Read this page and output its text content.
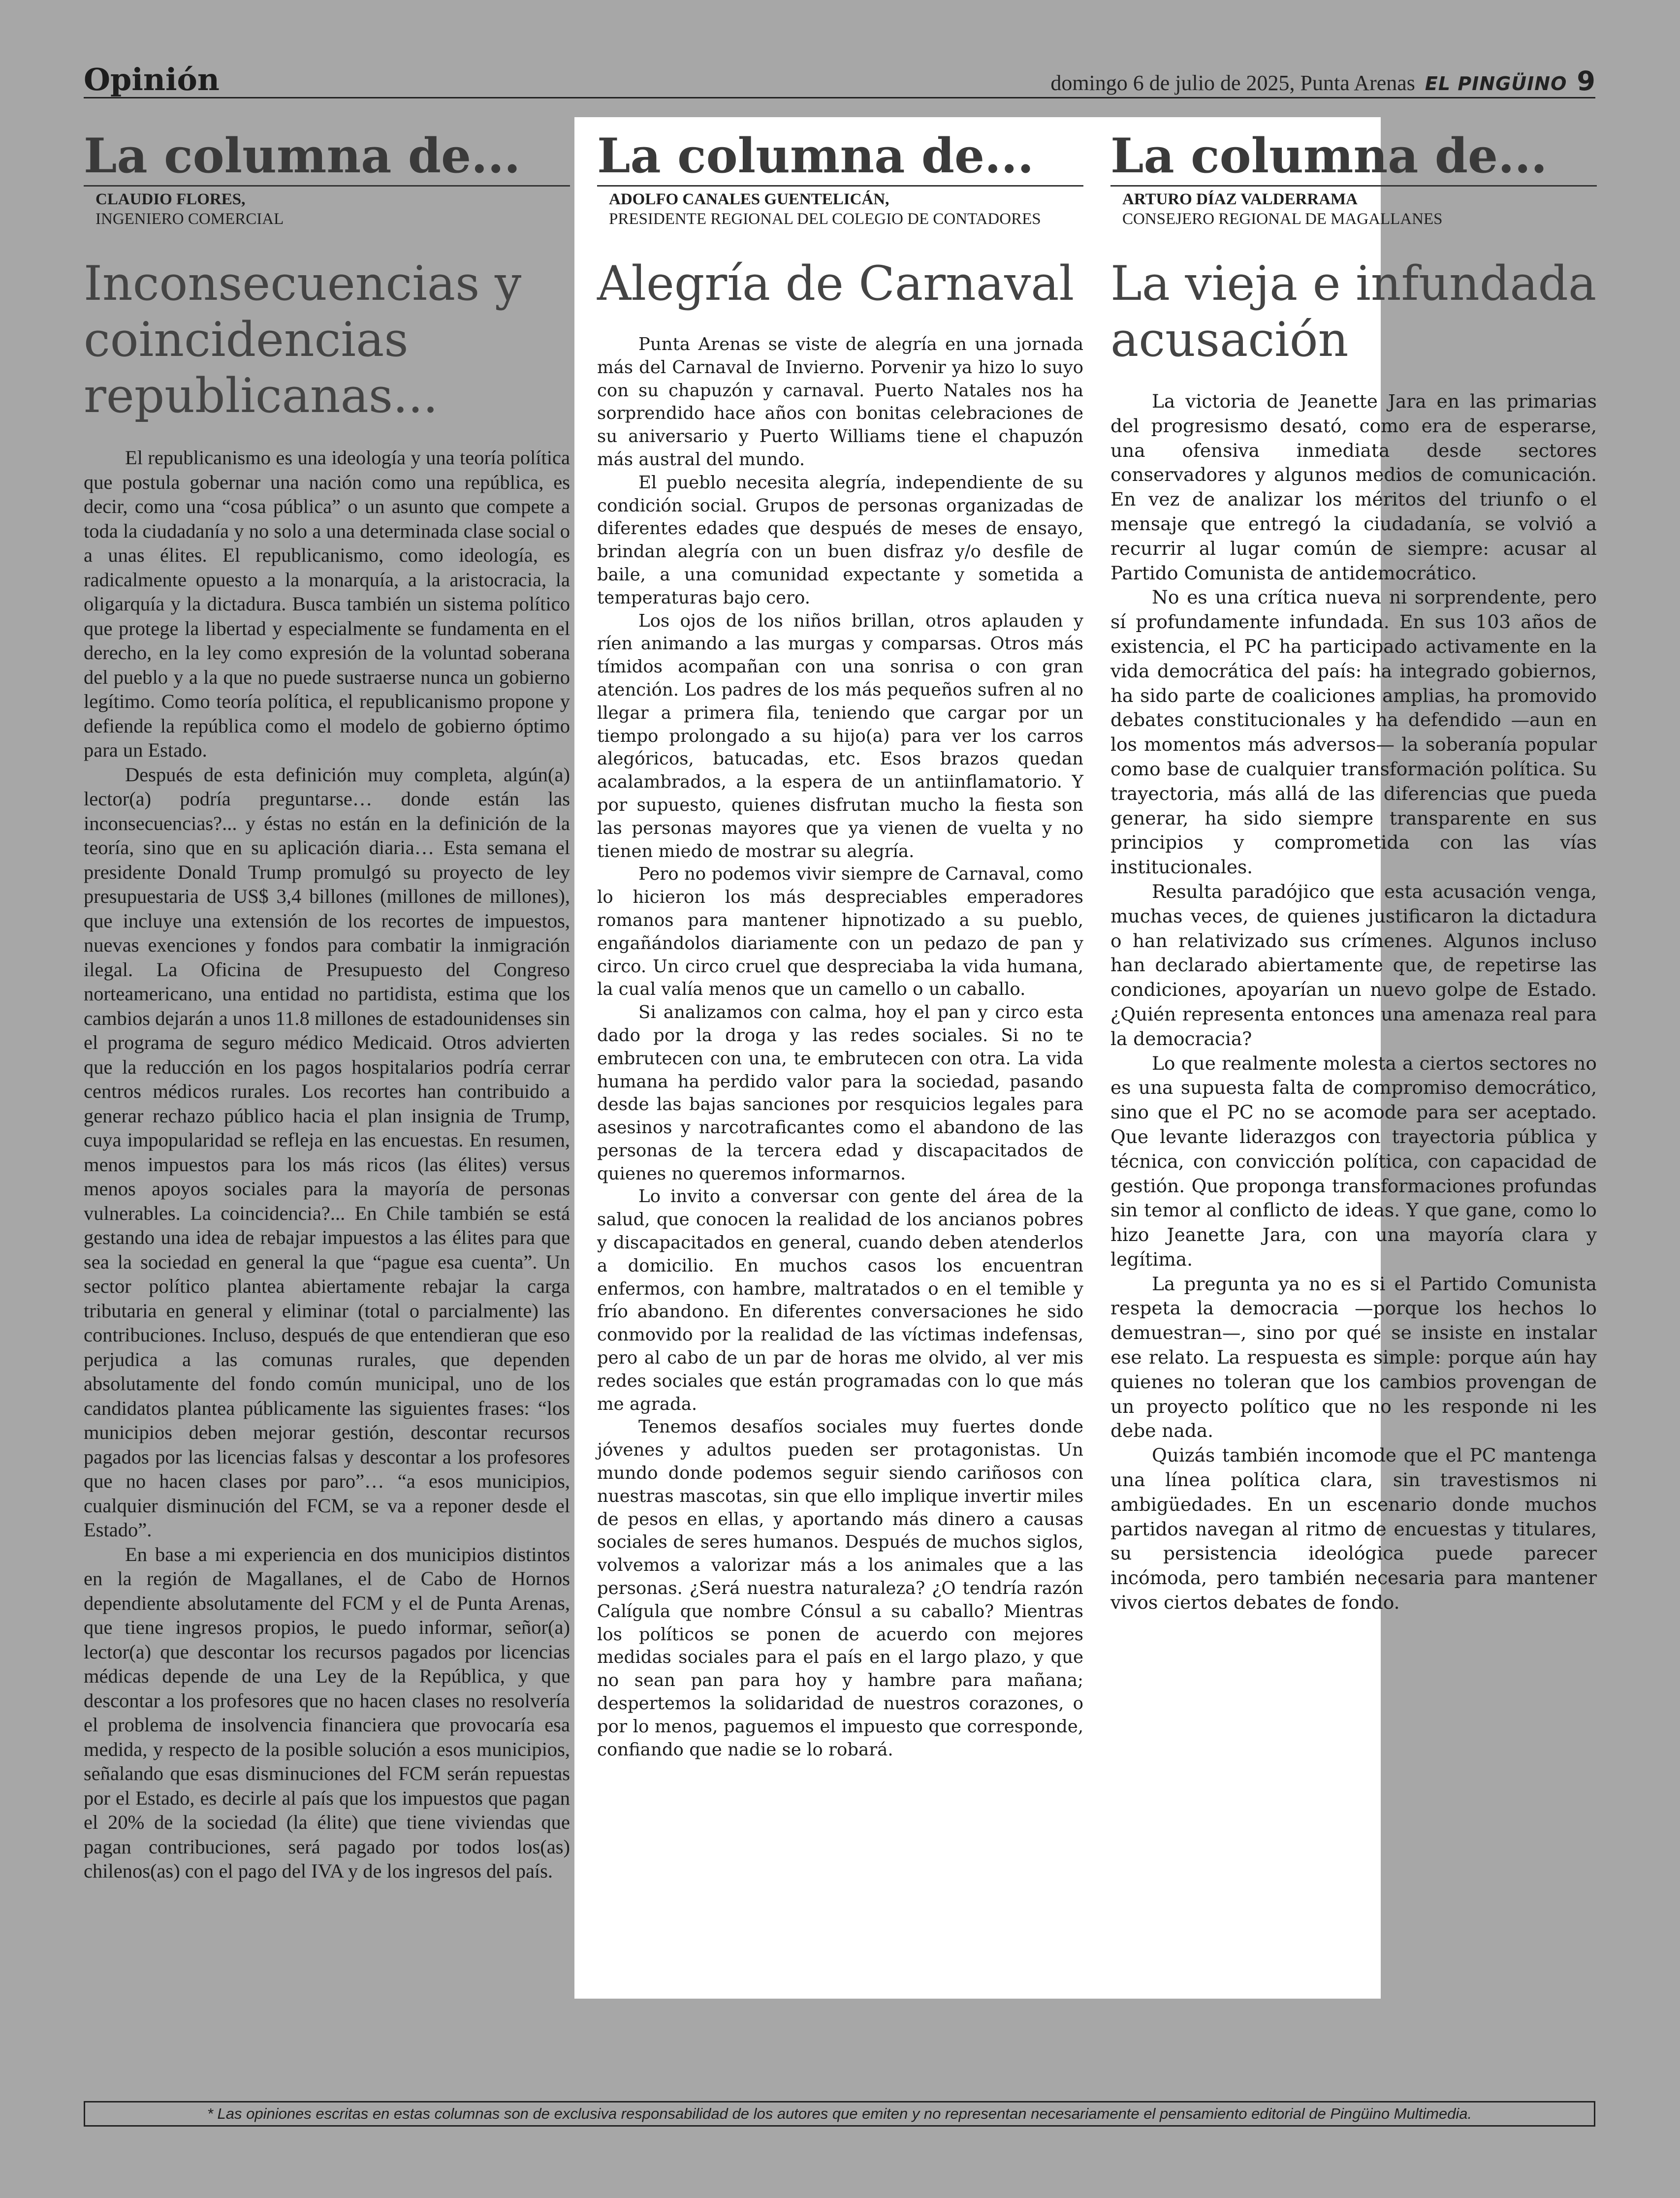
Opinión	domingo 6 de julio de 2025, Punta Arenas EL PINGÜINO 9
La columna de...
CLAUDIO FLORES,
INGENIERO COMERCIAL
Inconsecuencias y coincidencias republicanas...

El republicanismo es una ideología y una teoría política que postula gobernar una nación como una república, es decir, como una “cosa pública” o un asunto que compete a toda la ciudadanía y no solo a una determinada clase social o a unas élites. El republicanismo, como ideología, es radicalmente opuesto a la monarquía, a la aristocracia, la oligarquía y la dictadura. Busca también un sistema político que protege la libertad y especialmente se fundamenta en el derecho, en la ley como expresión de la voluntad soberana del pueblo y a la que no puede sustraerse nunca un gobierno legítimo. Como teoría política, el republicanismo propone y defiende la república como el modelo de gobierno óptimo para un Estado.

Después de esta definición muy completa, algún(a) lector(a) podría preguntarse… donde están las inconsecuencias?... y éstas no están en la definición de la teoría, sino que en su aplicación diaria… Esta semana el presidente Donald Trump promulgó su proyecto de ley presupuestaria de US$ 3,4 billones (millones de millones), que incluye una extensión de los recortes de impuestos, nuevas exenciones y fondos para combatir la inmigración ilegal. La Oficina de Presupuesto del Congreso norteamericano, una entidad no partidista, estima que los cambios dejarán a unos 11.8 millones de estadounidenses sin el programa de seguro médico Medicaid. Otros advierten que la reducción en los pagos hospitalarios podría cerrar centros médicos rurales. Los recortes han contribuido a generar rechazo público hacia el plan insignia de Trump, cuya impopularidad se refleja en las encuestas. En resumen, menos impuestos para los más ricos (las élites) versus menos apoyos sociales para la mayoría de personas vulnerables. La coincidencia?... En Chile también se está gestando una idea de rebajar impuestos a las élites para que sea la sociedad en general la que “pague esa cuenta”. Un sector político plantea abiertamente rebajar la carga tributaria en general y eliminar (total o parcialmente) las contribuciones. Incluso, después de que entendieran que eso perjudica a las comunas rurales, que dependen absolutamente del fondo común municipal, uno de los candidatos plantea públicamente las siguientes frases: “los municipios deben mejorar gestión, descontar recursos pagados por las licencias falsas y descontar a los profesores que no hacen clases por paro”… “a esos municipios, cualquier disminución del FCM, se va a reponer desde el Estado”.

En base a mi experiencia en dos municipios distintos en la región de Magallanes, el de Cabo de Hornos dependiente absolutamente del FCM y el de Punta Arenas, que tiene ingresos propios, le puedo informar, señor(a) lector(a) que descontar los recursos pagados por licencias médicas depende de una Ley de la República, y que descontar a los profesores que no hacen clases no resolvería el problema de insolvencia financiera que provocaría esa medida, y respecto de la posible solución a esos municipios, señalando que esas disminuciones del FCM serán repuestas por el Estado, es decirle al país que los impuestos que pagan el 20% de la sociedad (la élite) que tiene viviendas que pagan contribuciones, será pagado por todos los(as) chilenos(as) con el pago del IVA y de los ingresos del país.

La columna de...
ADOLFO CANALES GUENTELICÁN,
PRESIDENTE REGIONAL DEL COLEGIO DE CONTADORES
Alegría de Carnaval

Punta Arenas se viste de alegría en una jornada más del Carnaval de Invierno. Porvenir ya hizo lo suyo con su chapuzón y carnaval. Puerto Natales nos ha sorprendido hace años con bonitas celebraciones de su aniversario y Puerto Williams tiene el chapuzón más austral del mundo.

El pueblo necesita alegría, independiente de su condición social. Grupos de personas organizadas de diferentes edades que después de meses de ensayo, brindan alegría con un buen disfraz y/o desfile de baile, a una comunidad expectante y sometida a temperaturas bajo cero.

Los ojos de los niños brillan, otros aplauden y ríen animando a las murgas y comparsas. Otros más tímidos acompañan con una sonrisa o con gran atención. Los padres de los más pequeños sufren al no llegar a primera fila, teniendo que cargar por un tiempo prolongado a su hijo(a) para ver los carros alegóricos, batucadas, etc. Esos brazos quedan acalambrados, a la espera de un antiinflamatorio. Y por supuesto, quienes disfrutan mucho la fiesta son las personas mayores que ya vienen de vuelta y no tienen miedo de mostrar su alegría.

Pero no podemos vivir siempre de Carnaval, como lo hicieron los más despreciables emperadores romanos para mantener hipnotizado a su pueblo, engañándolos diariamente con un pedazo de pan y circo. Un circo cruel que despreciaba la vida humana, la cual valía menos que un camello o un caballo.

Si analizamos con calma, hoy el pan y circo esta dado por la droga y las redes sociales. Si no te embrutecen con una, te embrutecen con otra. La vida humana ha perdido valor para la sociedad, pasando desde las bajas sanciones por resquicios legales para asesinos y narcotraficantes como el abandono de las personas de la tercera edad y discapacitados de quienes no queremos informarnos.

Lo invito a conversar con gente del área de la salud, que conocen la realidad de los ancianos pobres y discapacitados en general, cuando deben atenderlos a domicilio. En muchos casos los encuentran enfermos, con hambre, maltratados o en el temible y frío abandono. En diferentes conversaciones he sido conmovido por la realidad de las víctimas indefensas, pero al cabo de un par de horas me olvido, al ver mis redes sociales que están programadas con lo que más me agrada.

Tenemos desafíos sociales muy fuertes donde jóvenes y adultos pueden ser protagonistas. Un mundo donde podemos seguir siendo cariñosos con nuestras mascotas, sin que ello implique invertir miles de pesos en ellas, y aportando más dinero a causas sociales de seres humanos. Después de muchos siglos, volvemos a valorizar más a los animales que a las personas. ¿Será nuestra naturaleza? ¿O tendría razón Calígula que nombre Cónsul a su caballo? Mientras los políticos se ponen de acuerdo con mejores medidas sociales para el país en el largo plazo, y que no sean pan para hoy y hambre para mañana; despertemos la solidaridad de nuestros corazones, o por lo menos, paguemos el impuesto que corresponde, confiando que nadie se lo robará.

La columna de...
ARTURO DÍAZ VALDERRAMA
CONSEJERO REGIONAL DE MAGALLANES
La vieja e infundada acusación

La victoria de Jeanette Jara en las primarias del progresismo desató, como era de esperarse, una ofensiva inmediata desde sectores conservadores y algunos medios de comunicación. En vez de analizar los méritos del triunfo o el mensaje que entregó la ciudadanía, se volvió a recurrir al lugar común de siempre: acusar al Partido Comunista de antidemocrático.

No es una crítica nueva ni sorprendente, pero sí profundamente infundada. En sus 103 años de existencia, el PC ha participado activamente en la vida democrática del país: ha integrado gobiernos, ha sido parte de coaliciones amplias, ha promovido debates constitucionales y ha defendido —aun en los momentos más adversos— la soberanía popular como base de cualquier transformación política. Su trayectoria, más allá de las diferencias que pueda generar, ha sido siempre transparente en sus principios y comprometida con las vías institucionales.

Resulta paradójico que esta acusación venga, muchas veces, de quienes justificaron la dictadura o han relativizado sus crímenes. Algunos incluso han declarado abiertamente que, de repetirse las condiciones, apoyarían un nuevo golpe de Estado. ¿Quién representa entonces una amenaza real para la democracia?

Lo que realmente molesta a ciertos sectores no es una supuesta falta de compromiso democrático, sino que el PC no se acomode para ser aceptado. Que levante liderazgos con trayectoria pública y técnica, con convicción política, con capacidad de gestión. Que proponga transformaciones profundas sin temor al conflicto de ideas. Y que gane, como lo hizo Jeanette Jara, con una mayoría clara y legítima.

La pregunta ya no es si el Partido Comunista respeta la democracia —porque los hechos lo demuestran—, sino por qué se insiste en instalar ese relato. La respuesta es simple: porque aún hay quienes no toleran que los cambios provengan de un proyecto político que no les responde ni les debe nada.

Quizás también incomode que el PC mantenga una línea política clara, sin travestismos ni ambigüedades. En un escenario donde muchos partidos navegan al ritmo de encuestas y titulares, su persistencia ideológica puede parecer incómoda, pero también necesaria para mantener vivos ciertos debates de fondo.

* Las opiniones escritas en estas columnas son de exclusiva responsabilidad de los autores que emiten y no representan necesariamente el pensamiento editorial de Pingüino Multimedia.
